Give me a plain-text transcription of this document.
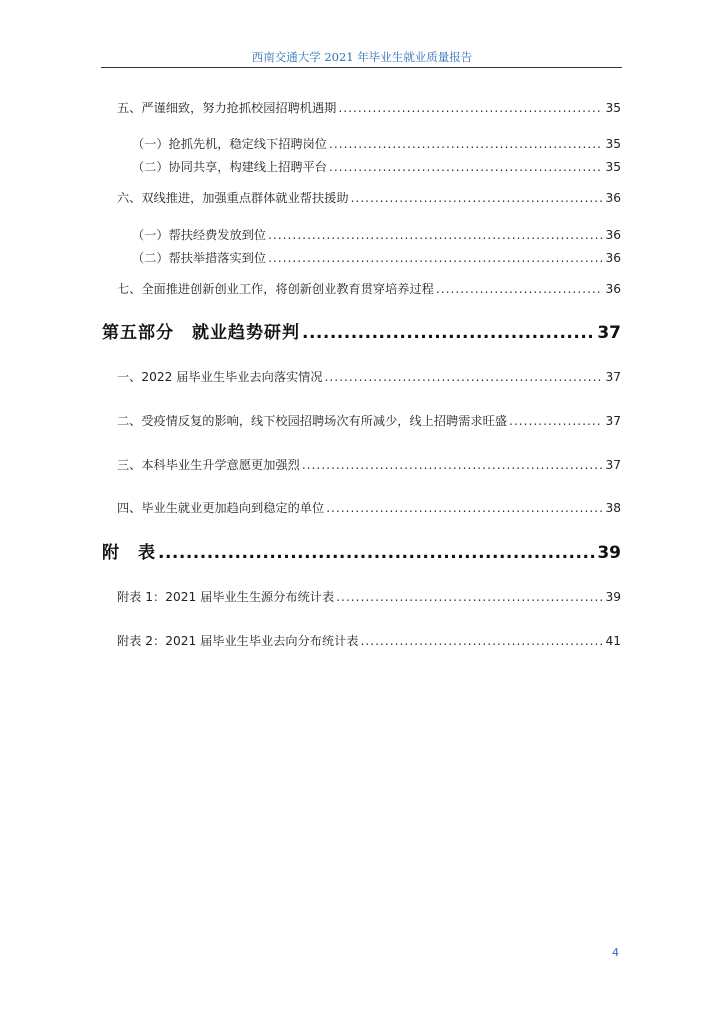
西南交通大学 2021 年毕业生就业质量报告
五、严谨细致，努力抢抓校园招聘机遇期 .....	35
（一）抢抓先机，稳定线下招聘岗位 .....	35
（二）协同共享，构建线上招聘平台 .....	35
六、双线推进，加强重点群体就业帮扶援助 .....	36
（一）帮扶经费发放到位 .....	36
（二）帮扶举措落实到位 .....	36
七、全面推进创新创业工作，将创新创业教育贯穿培养过程 .....	36
第五部分　就业趋势研判 .....	37
一、2022 届毕业生毕业去向落实情况 .....	37
二、受疫情反复的影响，线下校园招聘场次有所减少，线上招聘需求旺盛 .....	37
三、本科毕业生升学意愿更加强烈 .....	37
四、毕业生就业更加趋向到稳定的单位 .....	38
附　表 .....	39
附表 1：2021 届毕业生生源分布统计表 .....	39
附表 2：2021 届毕业生毕业去向分布统计表 .....	41
4
